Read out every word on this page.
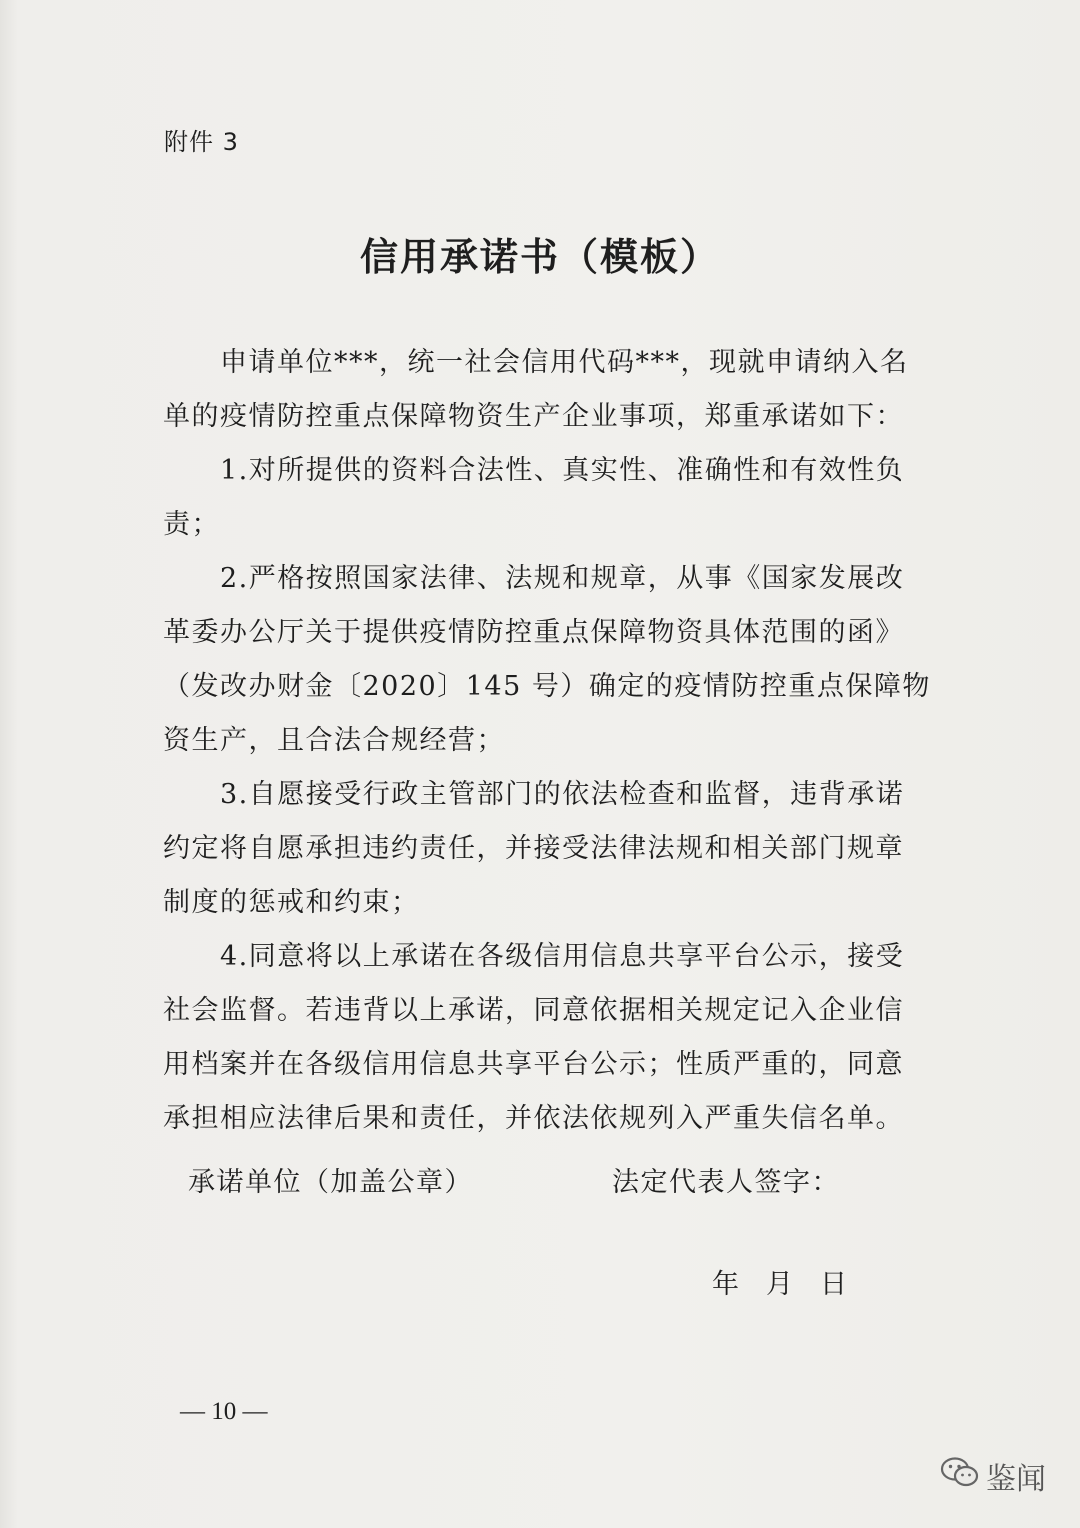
附件 3
信用承诺书（模板）
申请单位***，统一社会信用代码***，现就申请纳入名
单的疫情防控重点保障物资生产企业事项，郑重承诺如下：
1.对所提供的资料合法性、真实性、准确性和有效性负
责；
2.严格按照国家法律、法规和规章，从事《国家发展改
革委办公厅关于提供疫情防控重点保障物资具体范围的函》
（发改办财金〔2020〕145 号）确定的疫情防控重点保障物
资生产，且合法合规经营；
3.自愿接受行政主管部门的依法检查和监督，违背承诺
约定将自愿承担违约责任，并接受法律法规和相关部门规章
制度的惩戒和约束；
4.同意将以上承诺在各级信用信息共享平台公示，接受
社会监督。若违背以上承诺，同意依据相关规定记入企业信
用档案并在各级信用信息共享平台公示；性质严重的，同意
承担相应法律后果和责任，并依法依规列入严重失信名单。
承诺单位（加盖公章）	法定代表人签字：
年 月 日
— 10 —
鉴闻
